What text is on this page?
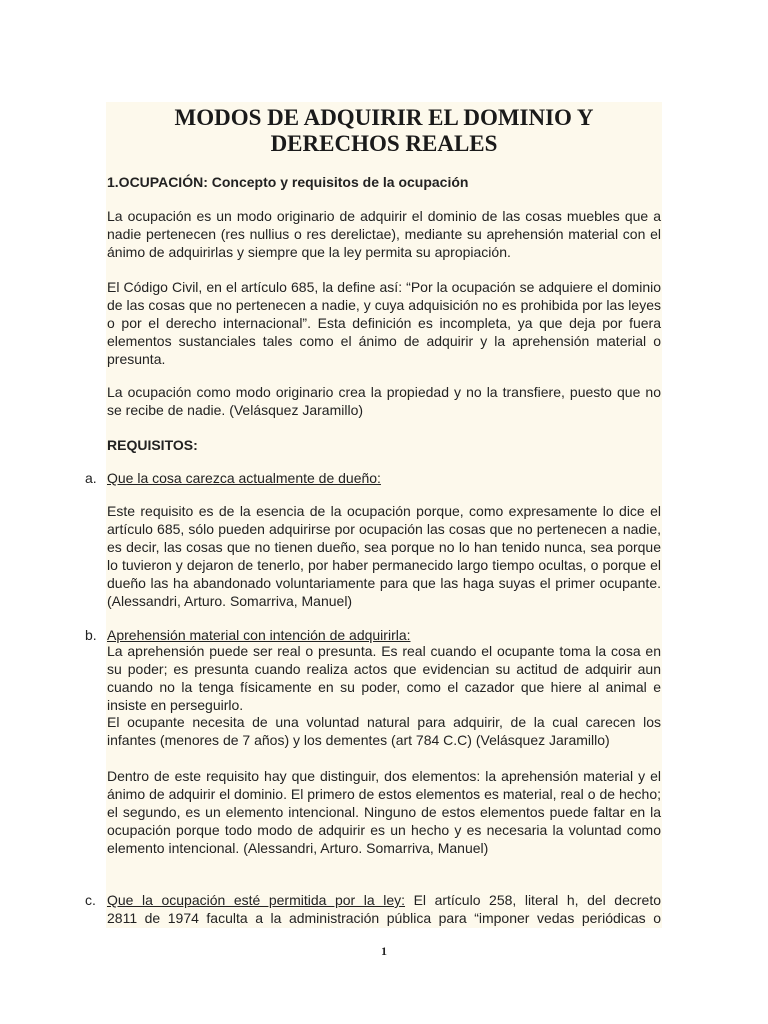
MODOS DE ADQUIRIR EL DOMINIO Y
DERECHOS REALES

1.OCUPACIÓN: Concepto y requisitos de la ocupación

La ocupación es un modo originario de adquirir el dominio de las cosas muebles que a nadie pertenecen (res nullius o res derelictae), mediante su aprehensión material con el ánimo de adquirirlas y siempre que la ley permita su apropiación.

El Código Civil, en el artículo 685, la define así: “Por la ocupación se adquiere el dominio de las cosas que no pertenecen a nadie, y cuya adquisición no es prohibida por las leyes o por el derecho internacional”. Esta definición es incompleta, ya que deja por fuera elementos sustanciales tales como el ánimo de adquirir y la aprehensión material o presunta.

La ocupación como modo originario crea la propiedad y no la transfiere, puesto que no se recibe de nadie. (Velásquez Jaramillo)

REQUISITOS:

a. Que la cosa carezca actualmente de dueño:

Este requisito es de la esencia de la ocupación porque, como expresamente lo dice el artículo 685, sólo pueden adquirirse por ocupación las cosas que no pertenecen a nadie, es decir, las cosas que no tienen dueño, sea porque no lo han tenido nunca, sea porque lo tuvieron y dejaron de tenerlo, por haber permanecido largo tiempo ocultas, o porque el dueño las ha abandonado voluntariamente para que las haga suyas el primer ocupante. (Alessandri, Arturo. Somarriva, Manuel)

b. Aprehensión material con intención de adquirirla:

La aprehensión puede ser real o presunta. Es real cuando el ocupante toma la cosa en su poder; es presunta cuando realiza actos que evidencian su actitud de adquirir aun cuando no la tenga físicamente en su poder, como el cazador que hiere al animal e insiste en perseguirlo.

El ocupante necesita de una voluntad natural para adquirir, de la cual carecen los infantes (menores de 7 años) y los dementes (art 784 C.C) (Velásquez Jaramillo)

Dentro de este requisito hay que distinguir, dos elementos: la aprehensión material y el ánimo de adquirir el dominio. El primero de estos elementos es material, real o de hecho; el segundo, es un elemento intencional. Ninguno de estos elementos puede faltar en la ocupación porque todo modo de adquirir es un hecho y es necesaria la voluntad como elemento intencional. (Alessandri, Arturo. Somarriva, Manuel)

c. Que la ocupación esté permitida por la ley: El artículo 258, literal h, del decreto

2811 de 1974 faculta a la administración pública para “imponer vedas periódicas o

1
